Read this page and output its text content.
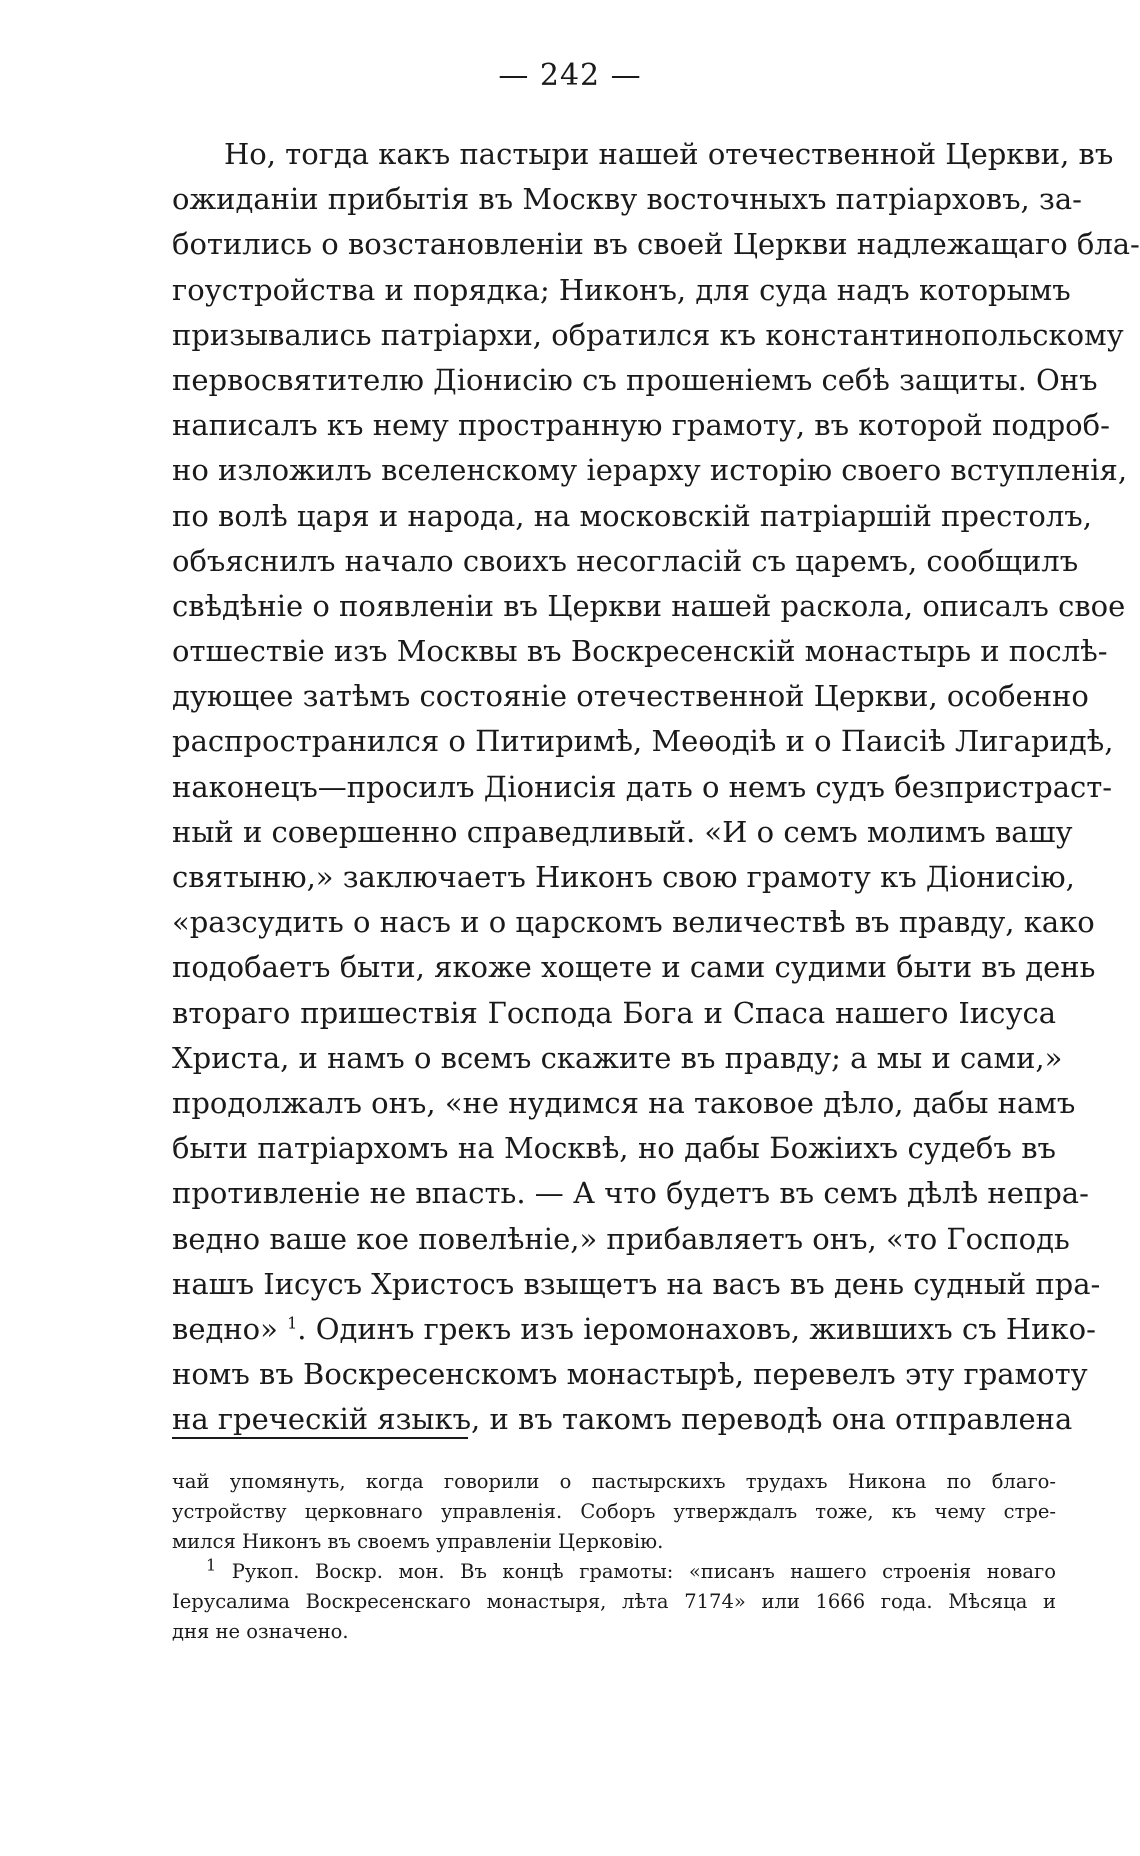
— 242 —
Но, тогда какъ пастыри нашей отечественной Церкви, въ
ожиданіи прибытія въ Москву восточныхъ патріарховъ, за-
ботились о возстановленіи въ своей Церкви надлежащаго бла-
гоустройства и порядка; Никонъ, для суда надъ которымъ
призывались патріархи, обратился къ константинопольскому
первосвятителю Діонисію съ прошеніемъ себѣ защиты. Онъ
написалъ къ нему пространную грамоту, въ которой подроб-
но изложилъ вселенскому іерарху исторію своего вступленія,
по волѣ царя и народа, на московскій патріаршій престолъ,
объяснилъ начало своихъ несогласій съ царемъ, сообщилъ
свѣдѣніе о появленіи въ Церкви нашей раскола, описалъ свое
отшествіе изъ Москвы въ Воскресенскій монастырь и послѣ-
дующее затѣмъ состояніе отечественной Церкви, особенно
распространился о Питиримѣ, Меѳодіѣ и о Паисіѣ Лигаридѣ,
наконецъ—просилъ Діонисія дать о немъ судъ безпристраст-
ный и совершенно справедливый. «И о семъ молимъ вашу
святыню,» заключаетъ Никонъ свою грамоту къ Діонисію,
«разсудить о насъ и о царскомъ величествѣ въ правду, како
подобаетъ быти, якоже хощете и сами судими быти въ день
втораго пришествія Господа Бога и Спаса нашего Іисуса
Христа, и намъ о всемъ скажите въ правду; а мы и сами,»
продолжалъ онъ, «не нудимся на таковое дѣло, дабы намъ
быти патріархомъ на Москвѣ, но дабы Божіихъ судебъ въ
противленіе не впасть. — А что будетъ въ семъ дѣлѣ непра-
ведно ваше кое повелѣніе,» прибавляетъ онъ, «то Господь
нашъ Іисусъ Христосъ взыщетъ на васъ въ день судный пра-
ведно» $^1$. Одинъ грекъ изъ іеромонаховъ, жившихъ съ Нико-
номъ въ Воскресенскомъ монастырѣ, перевелъ эту грамоту
на греческій языкъ, и въ такомъ переводѣ она отправлена
чай упомянуть, когда говорили о пастырскихъ трудахъ Никона по благо-
устройству церковнаго управленія. Соборъ утверждалъ тоже, къ чему стре-
мился Никонъ въ своемъ управленіи Церковію.
$^1$ Рукоп. Воскр. мон. Въ концѣ грамоты: «писанъ нашего строенія новаго
Іерусалима Воскресенскаго монастыря, лѣта 7174» или 1666 года. Мѣсяца и
дня не означено.
